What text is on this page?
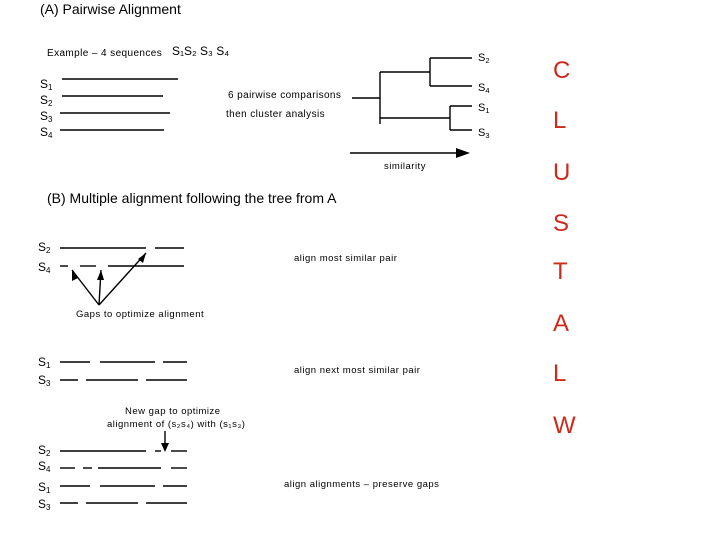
(A) Pairwise Alignment
Example – 4 sequences S₁S₂ S₃ S₄
$S_1$
$S_2$
$S_3$
$S_4$
6 pairwise comparisons
then cluster analysis
$S_2$
$S_4$
$S_1$
$S_3$
similarity
(B) Multiple alignment following the tree from A
$S_2$
$S_4$
align most similar pair
Gaps to optimize alignment
$S_1$
$S_3$
align next most similar pair
New gap to optimize
alignment of (s₂s₄) with (s₁s₃)
$S_2$
$S_4$
$S_1$
$S_3$
align alignments – preserve gaps
C
L
U
S
T
A
L
W
